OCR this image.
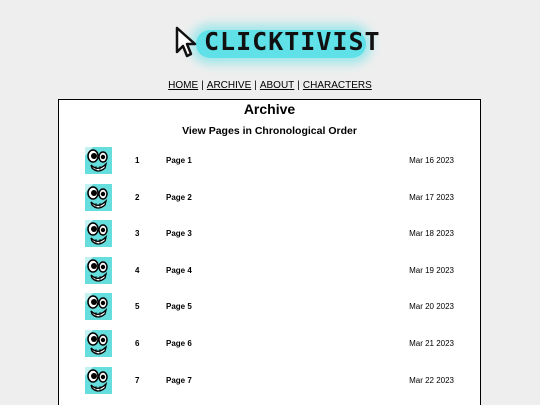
CLICKTIVIST
HOME | ARCHIVE | ABOUT | CHARACTERS
Archive
View Pages in Chronological Order
1	Page 1	Mar 16 2023
2	Page 2	Mar 17 2023
3	Page 3	Mar 18 2023
4	Page 4	Mar 19 2023
5	Page 5	Mar 20 2023
6	Page 6	Mar 21 2023
7	Page 7	Mar 22 2023
